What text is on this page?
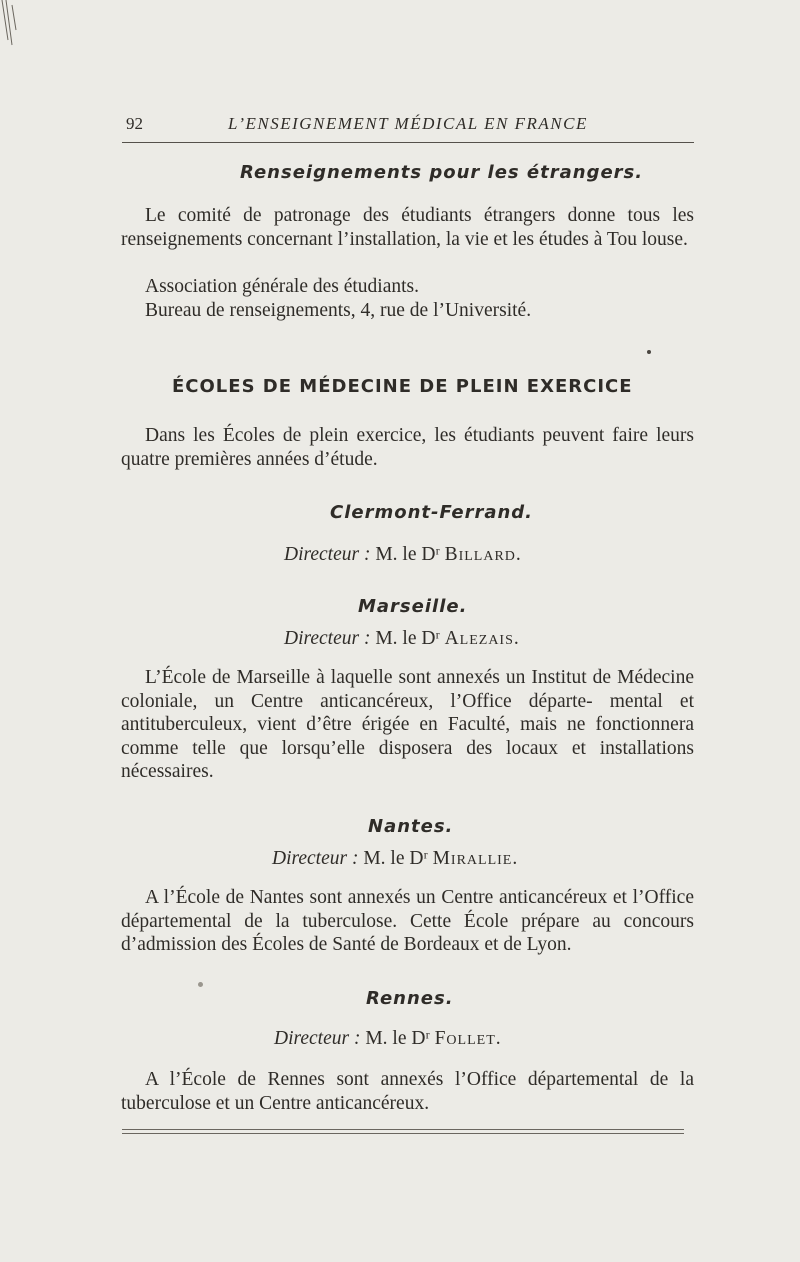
92	L’ENSEIGNEMENT MÉDICAL EN FRANCE
Renseignements pour les étrangers.

Le comité de patronage des étudiants étrangers donne tous les renseignements concernant l’installation, la vie et les études à Tou louse.

Association générale des étudiants.
Bureau de renseignements, 4, rue de l’Université.
ÉCOLES DE MÉDECINE DE PLEIN EXERCICE

Dans les Écoles de plein exercice, les étudiants peuvent faire leurs quatre premières années d’étude.

Clermont-Ferrand.
Directeur : M. le Dʳ Billard.
Marseille.
Directeur : M. le Dʳ Alezais.

L’École de Marseille à laquelle sont annexés un Institut de Médecine coloniale, un Centre anticancéreux, l’Office départe- mental et antituberculeux, vient d’être érigée en Faculté, mais ne fonctionnera comme telle que lorsqu’elle disposera des locaux et installations nécessaires.

Nantes.
Directeur : M. le Dʳ Mirallie.

A l’École de Nantes sont annexés un Centre anticancéreux et l’Office départemental de la tuberculose. Cette École prépare au concours d’admission des Écoles de Santé de Bordeaux et de Lyon.

Rennes.
Directeur : M. le Dʳ Follet.

A l’École de Rennes sont annexés l’Office départemental de la tuberculose et un Centre anticancéreux.
